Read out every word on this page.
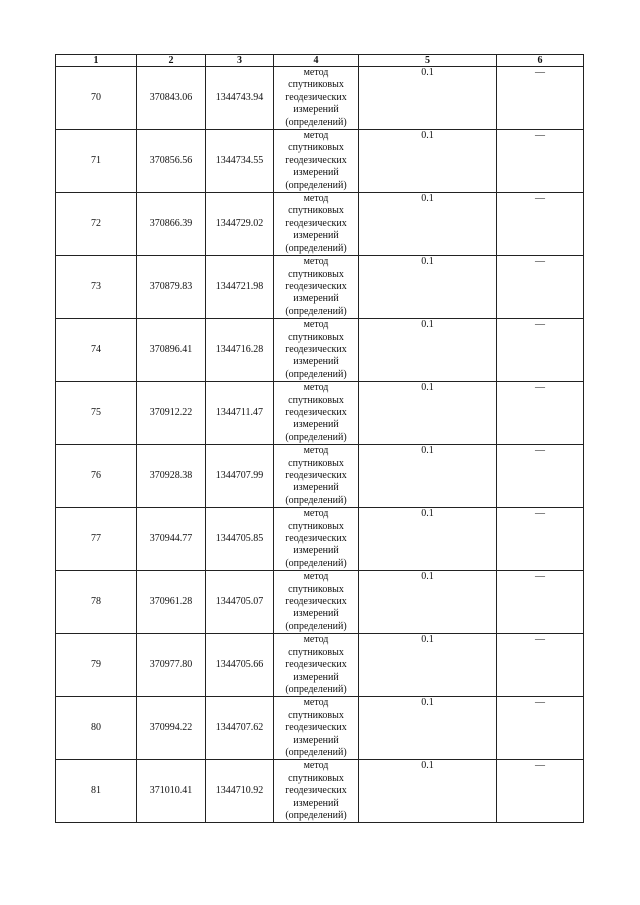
1	2	3	4	5	6
70	370843.06	1344743.94	метод
спутниковых
геодезических
измерений
(определений)	0.1	—
71	370856.56	1344734.55	метод
спутниковых
геодезических
измерений
(определений)	0.1	—
72	370866.39	1344729.02	метод
спутниковых
геодезических
измерений
(определений)	0.1	—
73	370879.83	1344721.98	метод
спутниковых
геодезических
измерений
(определений)	0.1	—
74	370896.41	1344716.28	метод
спутниковых
геодезических
измерений
(определений)	0.1	—
75	370912.22	1344711.47	метод
спутниковых
геодезических
измерений
(определений)	0.1	—
76	370928.38	1344707.99	метод
спутниковых
геодезических
измерений
(определений)	0.1	—
77	370944.77	1344705.85	метод
спутниковых
геодезических
измерений
(определений)	0.1	—
78	370961.28	1344705.07	метод
спутниковых
геодезических
измерений
(определений)	0.1	—
79	370977.80	1344705.66	метод
спутниковых
геодезических
измерений
(определений)	0.1	—
80	370994.22	1344707.62	метод
спутниковых
геодезических
измерений
(определений)	0.1	—
81	371010.41	1344710.92	метод
спутниковых
геодезических
измерений
(определений)	0.1	—
